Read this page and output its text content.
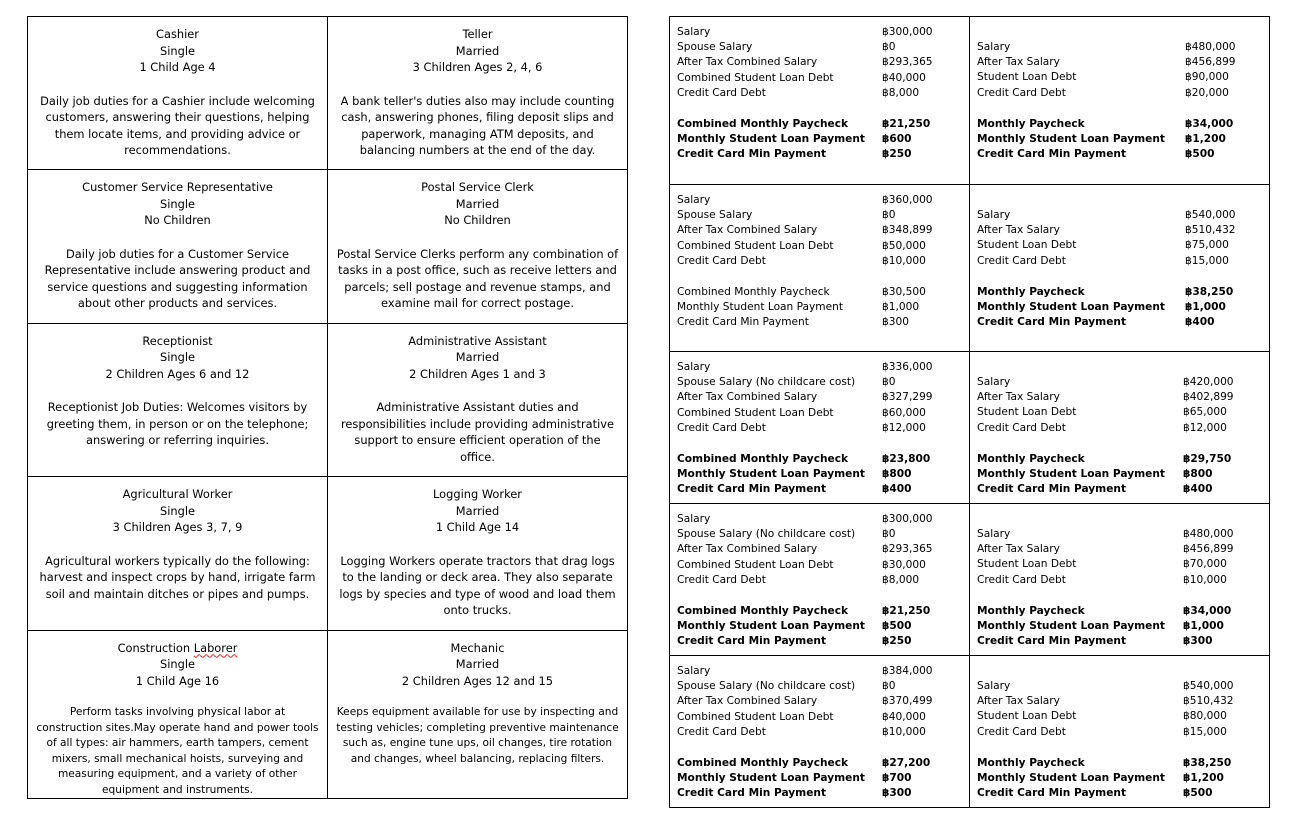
Cashier
Single
1 Child Age 4
Daily job duties for a Cashier include welcoming customers, answering their questions, helping them locate items, and providing advice or recommendations.
Teller
Married
3 Children Ages 2, 4, 6
A bank teller's duties also may include counting cash, answering phones, filing deposit slips and paperwork, managing ATM deposits, and balancing numbers at the end of the day.
Customer Service Representative
Single
No Children
Daily job duties for a Customer Service Representative include answering product and service questions and suggesting information about other products and services.
Postal Service Clerk
Married
No Children
Postal Service Clerks perform any combination of tasks in a post office, such as receive letters and parcels; sell postage and revenue stamps, and examine mail for correct postage.
Receptionist
Single
2 Children Ages 6 and 12
Receptionist Job Duties: Welcomes visitors by greeting them, in person or on the telephone; answering or referring inquiries.
Administrative Assistant
Married
2 Children Ages 1 and 3
Administrative Assistant duties and responsibilities include providing administrative support to ensure efficient operation of the office.
Agricultural Worker
Single
3 Children Ages 3, 7, 9
Agricultural workers typically do the following: harvest and inspect crops by hand, irrigate farm soil and maintain ditches or pipes and pumps.
Logging Worker
Married
1 Child Age 14
Logging Workers operate tractors that drag logs to the landing or deck area. They also separate logs by species and type of wood and load them onto trucks.
Construction Laborer
Single
1 Child Age 16
Perform tasks involving physical labor at construction sites.May operate hand and power tools of all types: air hammers, earth tampers, cement mixers, small mechanical hoists, surveying and measuring equipment, and a variety of other equipment and instruments.
Mechanic
Married
2 Children Ages 12 and 15
Keeps equipment available for use by inspecting and testing vehicles; completing preventive maintenance such as, engine tune ups, oil changes, tire rotation and changes, wheel balancing, replacing filters.
Salary	฿300,000
Spouse Salary	฿0
After Tax Combined Salary	฿293,365
Combined Student Loan Debt	฿40,000
Credit Card Debt	฿8,000
Combined Monthly Paycheck	฿21,250
Monthly Student Loan Payment	฿600
Credit Card Min Payment	฿250
Salary	฿480,000
After Tax Salary	฿456,899
Student Loan Debt	฿90,000
Credit Card Debt	฿20,000
Monthly Paycheck	฿34,000
Monthly Student Loan Payment	฿1,200
Credit Card Min Payment	฿500
Salary	฿360,000
Spouse Salary	฿0
After Tax Combined Salary	฿348,899
Combined Student Loan Debt	฿50,000
Credit Card Debt	฿10,000
Combined Monthly Paycheck	฿30,500
Monthly Student Loan Payment	฿1,000
Credit Card Min Payment	฿300
Salary	฿540,000
After Tax Salary	฿510,432
Student Loan Debt	฿75,000
Credit Card Debt	฿15,000
Monthly Paycheck	฿38,250
Monthly Student Loan Payment	฿1,000
Credit Card Min Payment	฿400
Salary	฿336,000
Spouse Salary (No childcare cost)	฿0
After Tax Combined Salary	฿327,299
Combined Student Loan Debt	฿60,000
Credit Card Debt	฿12,000
Combined Monthly Paycheck	฿23,800
Monthly Student Loan Payment	฿800
Credit Card Min Payment	฿400
Salary	฿420,000
After Tax Salary	฿402,899
Student Loan Debt	฿65,000
Credit Card Debt	฿12,000
Monthly Paycheck	฿29,750
Monthly Student Loan Payment	฿800
Credit Card Min Payment	฿400
Salary	฿300,000
Spouse Salary (No childcare cost)	฿0
After Tax Combined Salary	฿293,365
Combined Student Loan Debt	฿30,000
Credit Card Debt	฿8,000
Combined Monthly Paycheck	฿21,250
Monthly Student Loan Payment	฿500
Credit Card Min Payment	฿250
Salary	฿480,000
After Tax Salary	฿456,899
Student Loan Debt	฿70,000
Credit Card Debt	฿10,000
Monthly Paycheck	฿34,000
Monthly Student Loan Payment	฿1,000
Credit Card Min Payment	฿300
Salary	฿384,000
Spouse Salary (No childcare cost)	฿0
After Tax Combined Salary	฿370,499
Combined Student Loan Debt	฿40,000
Credit Card Debt	฿10,000
Combined Monthly Paycheck	฿27,200
Monthly Student Loan Payment	฿700
Credit Card Min Payment	฿300
Salary	฿540,000
After Tax Salary	฿510,432
Student Loan Debt	฿80,000
Credit Card Debt	฿15,000
Monthly Paycheck	฿38,250
Monthly Student Loan Payment	฿1,200
Credit Card Min Payment	฿500
